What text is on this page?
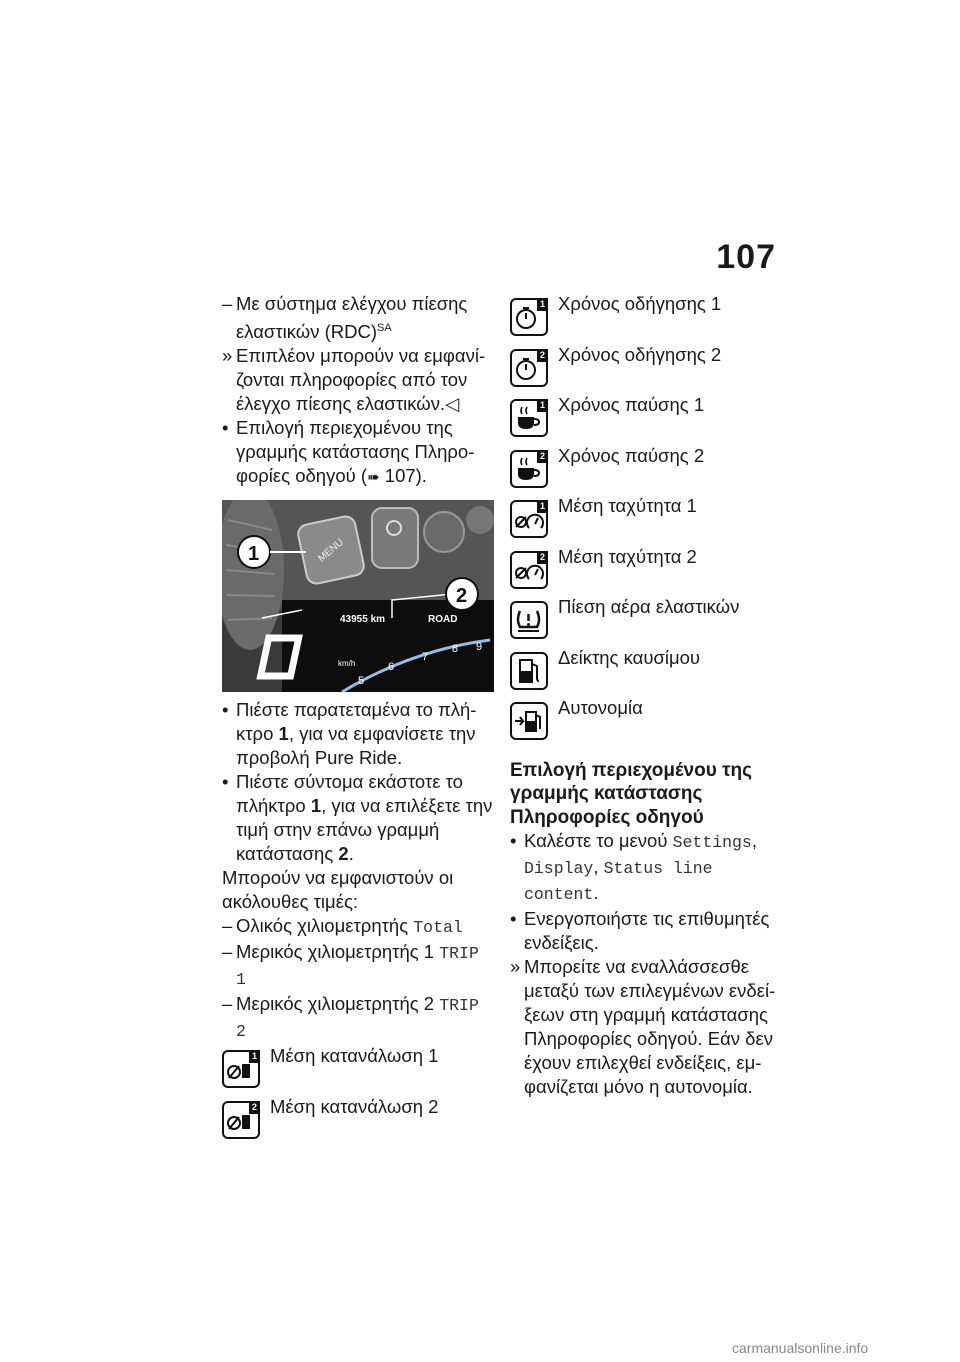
107
– Με σύστημα ελέγχου πίεσης ελαστικών (RDC)$^{SA}$
» Επιπλέον μπορούν να εμφανί-ζονται πληροφορίες από τον έλεγχο πίεσης ελαστικών.◁
• Επιλογή περιεχομένου της γραμμής κατάστασης Πληρο-φορίες οδηγού (➠ 107).
MENU
43955 km	ROAD
km/h
5
6
7
8 9
1
2
• Πιέστε παρατεταμένα το πλή-κτρο 1, για να εμφανίσετε την προβολή Pure Ride.
• Πιέστε σύντομα εκάστοτε το πλήκτρο 1, για να επιλέξετε την τιμή στην επάνω γραμμή κατάστασης 2.
Μπορούν να εμφανιστούν οι ακόλουθες τιμές:
– Ολικός χιλιομετρητής Total
– Μερικός χιλιομετρητής 1 TRIP 1
– Μερικός χιλιομετρητής 2 TRIP 2
1 Μέση κατανάλωση 1
2 Μέση κατανάλωση 2
1 Χρόνος οδήγησης 1
2 Χρόνος οδήγησης 2
1 Χρόνος παύσης 1
2 Χρόνος παύσης 2
1 Μέση ταχύτητα 1
2 Μέση ταχύτητα 2
Πίεση αέρα ελαστικών
Δείκτης καυσίμου
Αυτονομία
Επιλογή περιεχομένου της γραμμής κατάστασης Πληροφορίες οδηγού
• Καλέστε το μενού Settings, Display, Status line content.
• Ενεργοποιήστε τις επιθυμητές ενδείξεις.
» Μπορείτε να εναλλάσσεσθε μεταξύ των επιλεγμένων ενδεί-ξεων στη γραμμή κατάστασης Πληροφορίες οδηγού. Εάν δεν έχουν επιλεχθεί ενδείξεις, εμ-φανίζεται μόνο η αυτονομία.
carmanualsonline.info
